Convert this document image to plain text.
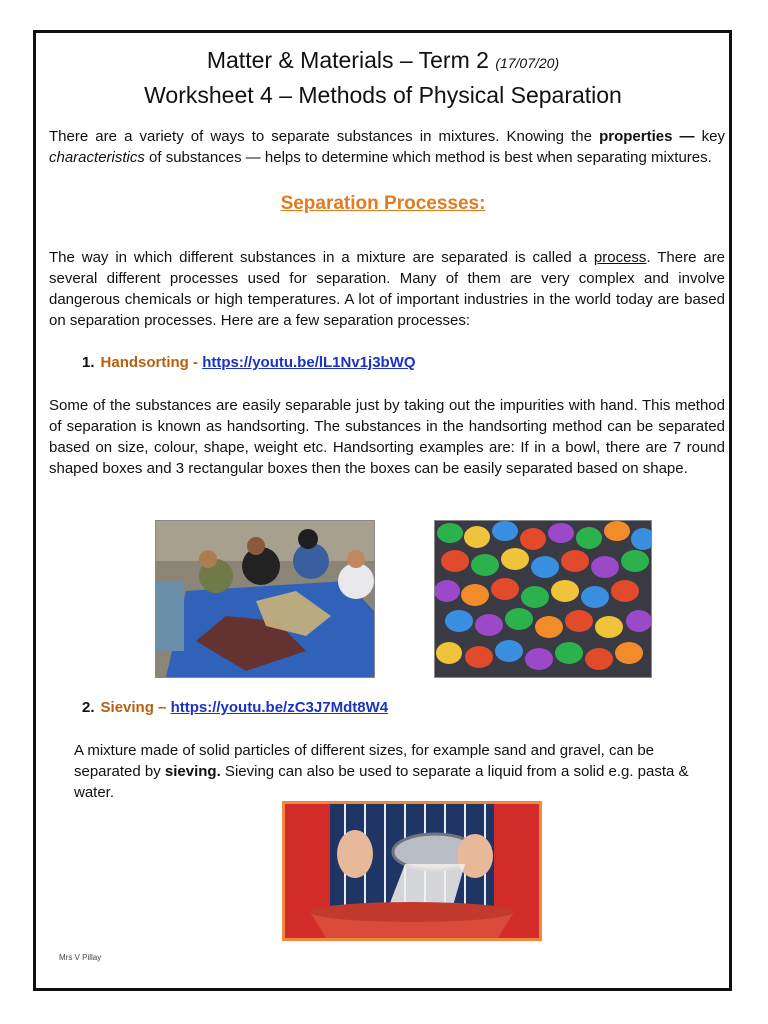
Matter & Materials – Term 2 (17/07/20)
Worksheet 4 – Methods of Physical Separation
There are a variety of ways to separate substances in mixtures. Knowing the properties — key characteristics of substances — helps to determine which method is best when separating mixtures.
Separation Processes:
The way in which different substances in a mixture are separated is called a process. There are several different processes used for separation. Many of them are very complex and involve dangerous chemicals or high temperatures. A lot of important industries in the world today are based on separation processes. Here are a few separation processes:
1. Handsorting - https://youtu.be/lL1Nv1j3bWQ
Some of the substances are easily separable just by taking out the impurities with hand. This method of separation is known as handsorting. The substances in the handsorting method can be separated based on size, colour, shape, weight etc. Handsorting examples are: If in a bowl, there are 7 round shaped boxes and 3 rectangular boxes then the boxes can be easily separated based on shape.
2. Sieving – https://youtu.be/zC3J7Mdt8W4
A mixture made of solid particles of different sizes, for example sand and gravel, can be separated by sieving. Sieving can also be used to separate a liquid from a solid e.g. pasta & water.
Mrs V Pillay
